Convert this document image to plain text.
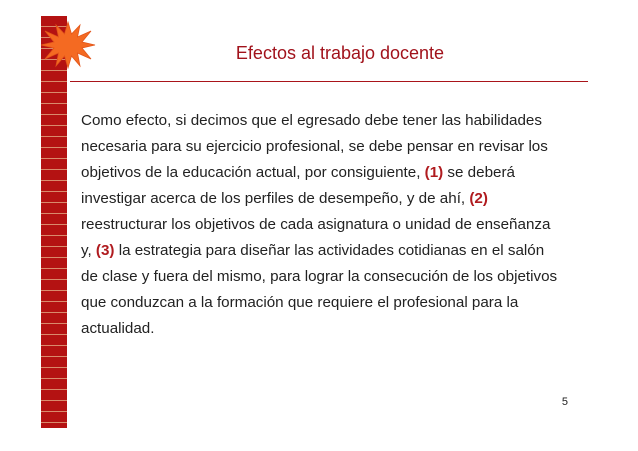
Efectos al trabajo docente

Como efecto, si decimos que el egresado debe tener las habilidades necesaria para su ejercicio profesional, se debe pensar en revisar los objetivos de la educación actual, por consiguiente, (1) se deberá investigar acerca de los perfiles de desempeño, y de ahí, (2) reestructurar los objetivos de cada asignatura o unidad de enseñanza y, (3) la estrategia para diseñar las actividades cotidianas en el salón de clase y fuera del mismo, para lograr la consecución de los objetivos que conduzcan a la formación que requiere el profesional para la actualidad.

5
